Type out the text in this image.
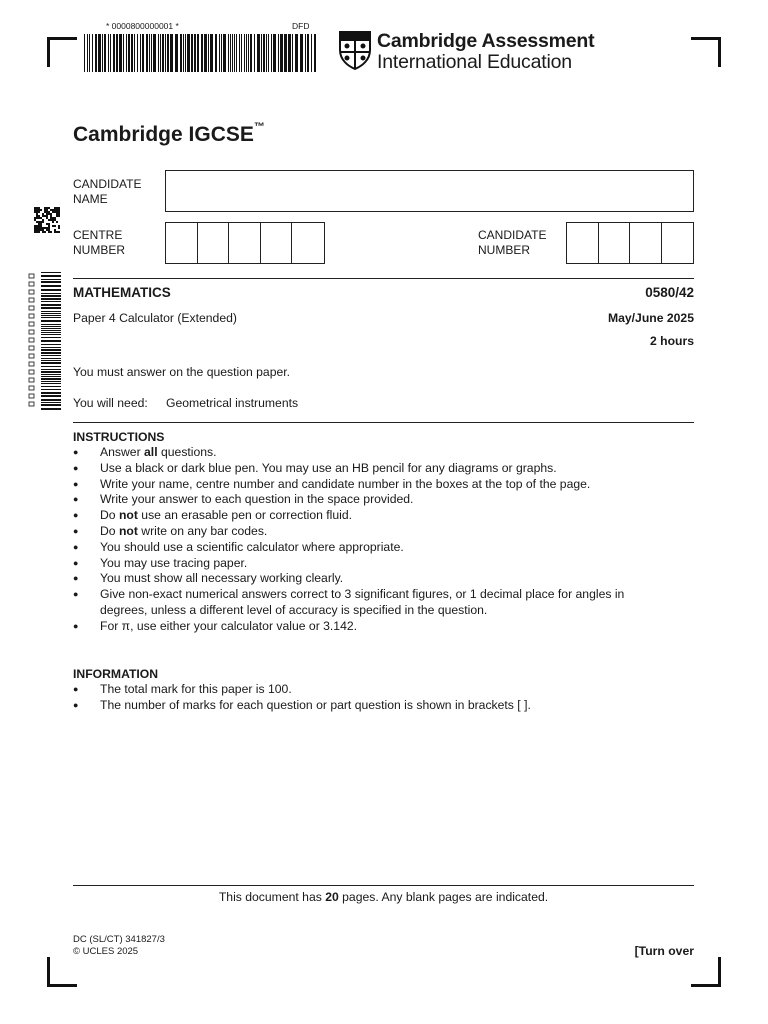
* 0000800000001 *	DFD
Cambridge Assessment
International Education
Cambridge IGCSE™
CANDIDATE
NAME
CENTRE
NUMBER
CANDIDATE
NUMBER
MATHEMATICS	0580/42
Paper 4 Calculator (Extended)	May/June 2025
2 hours
You must answer on the question paper.
You will need: Geometrical instruments
INSTRUCTIONS
● Answer all questions.
● Use a black or dark blue pen. You may use an HB pencil for any diagrams or graphs.
● Write your name, centre number and candidate number in the boxes at the top of the page.
● Write your answer to each question in the space provided.
● Do not use an erasable pen or correction fluid.
● Do not write on any bar codes.
● You should use a scientific calculator where appropriate.
● You may use tracing paper.
● You must show all necessary working clearly.
● Give non-exact numerical answers correct to 3 significant figures, or 1 decimal place for angles in degrees, unless a different level of accuracy is specified in the question.
● For π, use either your calculator value or 3.142.
INFORMATION
● The total mark for this paper is 100.
● The number of marks for each question or part question is shown in brackets [ ].
This document has 20 pages. Any blank pages are indicated.
DC (SL/CT) 341827/3
© UCLES 2025	[Turn over
